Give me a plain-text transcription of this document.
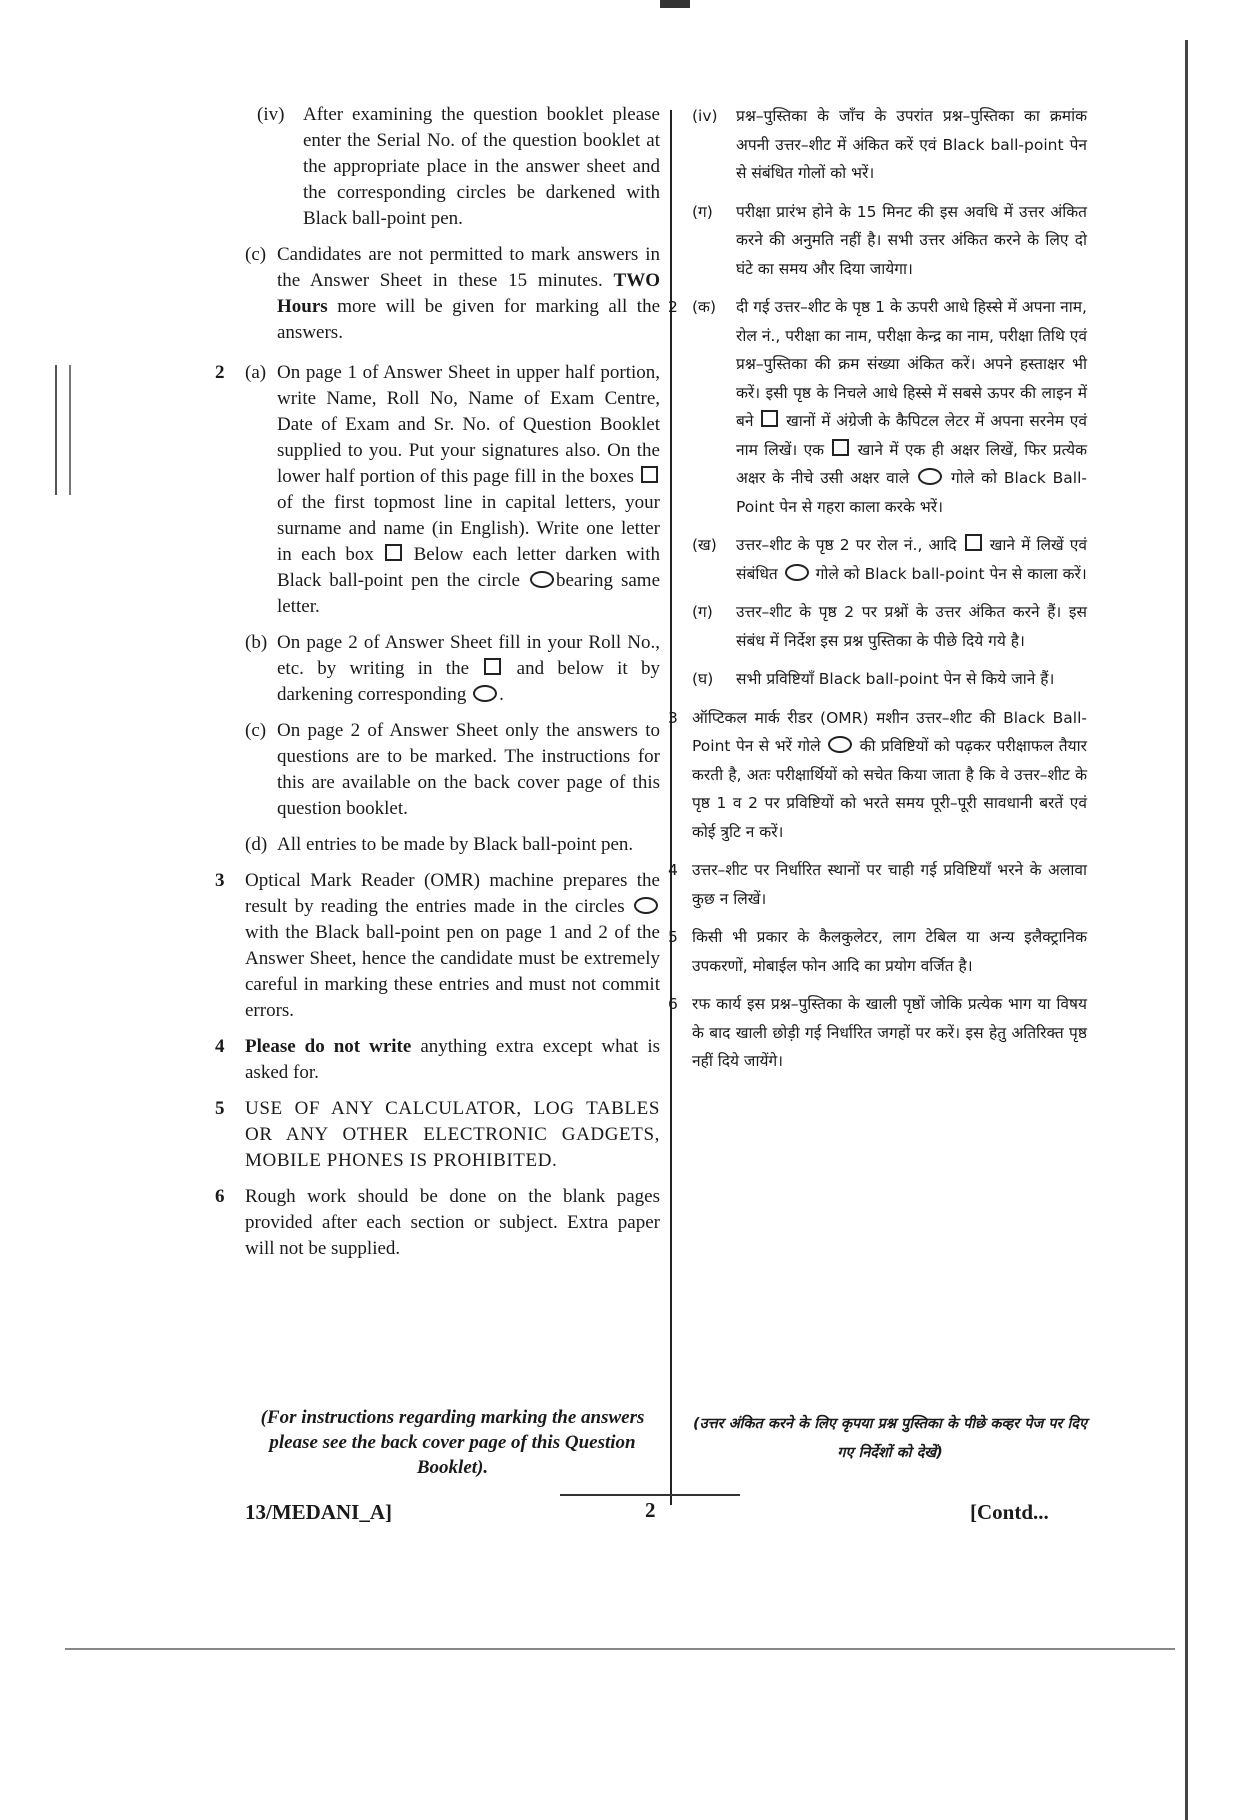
(iv) After examining the question booklet please enter the Serial No. of the question booklet at the appropriate place in the answer sheet and the corresponding circles be darkened with Black ball-point pen.
(c) Candidates are not permitted to mark answers in the Answer Sheet in these 15 minutes. TWO Hours more will be given for marking all the answers.
2 (a) On page 1 of Answer Sheet in upper half portion, write Name, Roll No, Name of Exam Centre, Date of Exam and Sr. No. of Question Booklet supplied to you. Put your signatures also. On the lower half portion of this page fill in the boxes  of the first topmost line in capital letters, your surname and name (in English). Write one letter in each box Below each letter darken with Black ball-point pen the circle bearing same letter.
(b) On page 2 of Answer Sheet fill in your Roll No., etc. by writing in the	and below it by darkening corresponding .
(c) On page 2 of Answer Sheet only the answers to questions are to be marked. The instructions for this are available on the back cover page of this question booklet.
(d) All entries to be made by Black ball-point pen.
3 Optical Mark Reader (OMR) machine prepares the result by reading the entries made in the circles  with the Black ball-point pen on page 1 and 2 of the Answer Sheet, hence the candidate must be extremely careful in marking these entries and must not commit errors.
4 Please do not write anything extra except what is asked for.
5 USE OF ANY CALCULATOR, LOG TABLES OR ANY OTHER ELECTRONIC GADGETS, MOBILE PHONES IS PROHIBITED.
6 Rough work should be done on the blank pages provided after each section or subject. Extra paper will not be supplied.
(For instructions regarding marking the answers please see the back cover page of this Question Booklet).
(iv) प्रश्न–पुस्तिका के जाँच के उपरांत प्रश्न–पुस्तिका का क्रमांक अपनी उत्तर–शीट में अंकित करें एवं Black ball-point पेन से संबंधित गोलों को भरें।
(ग) परीक्षा प्रारंभ होने के 15 मिनट की इस अवधि में उत्तर अंकित करने की अनुमति नहीं है। सभी उत्तर अंकित करने के लिए दो घंटे का समय और दिया जायेगा।
2 (क) दी गई उत्तर–शीट के पृष्ठ 1 के ऊपरी आधे हिस्से में अपना नाम, रोल नं., परीक्षा का नाम, परीक्षा केन्द्र का नाम, परीक्षा तिथि एवं प्रश्न–पुस्तिका की क्रम संख्या अंकित करें। अपने हस्ताक्षर भी करें। इसी पृष्ठ के निचले आधे हिस्से में सबसे ऊपर की लाइन में बने खानों में अंग्रेजी के कैपिटल लेटर में अपना सरनेम एवं नाम लिखें। एक खाने में एक ही अक्षर लिखें, फिर प्रत्येक अक्षर के नीचे उसी अक्षर वाले	गोले को Black Ball-Point पेन से गहरा काला करके भरें।
(ख) उत्तर–शीट के पृष्ठ 2 पर रोल नं., आदि खाने में लिखें एवं संबंधित गोले को Black ball-point पेन से काला करें।
(ग) उत्तर–शीट के पृष्ठ 2 पर प्रश्नों के उत्तर अंकित करने हैं। इस संबंध में निर्देश इस प्रश्न पुस्तिका के पीछे दिये गये है।
(घ) सभी प्रविष्टियाँ Black ball-point पेन से किये जाने हैं।
3 ऑप्टिकल मार्क रीडर (OMR) मशीन उत्तर–शीट की Black Ball-Point पेन से भरें गोले	की प्रविष्टियों को पढ़कर परीक्षाफल तैयार करती है, अतः परीक्षार्थियों को सचेत किया जाता है कि वे उत्तर–शीट के पृष्ठ 1 व 2 पर प्रविष्टियों को भरते समय पूरी–पूरी सावधानी बरतें एवं कोई त्रुटि न करें।
4 उत्तर–शीट पर निर्धारित स्थानों पर चाही गई प्रविष्टियाँ भरने के अलावा कुछ न लिखें।
5 किसी भी प्रकार के कैलकुलेटर, लाग टेबिल या अन्य इलैक्ट्रानिक उपकरणों, मोबाईल फोन आदि का प्रयोग वर्जित है।
6 रफ कार्य इस प्रश्न–पुस्तिका के खाली पृष्ठों जोकि प्रत्येक भाग या विषय के बाद खाली छोड़ी गई निर्धारित जगहों पर करें। इस हेतु अतिरिक्त पृष्ठ नहीं दिये जायेंगे।
(उत्तर अंकित करने के लिए कृपया प्रश्न पुस्तिका के पीछे कव्हर पेज पर दिए गए निर्देशों को देखें)
13/MEDANI_A]	2	[Contd...
